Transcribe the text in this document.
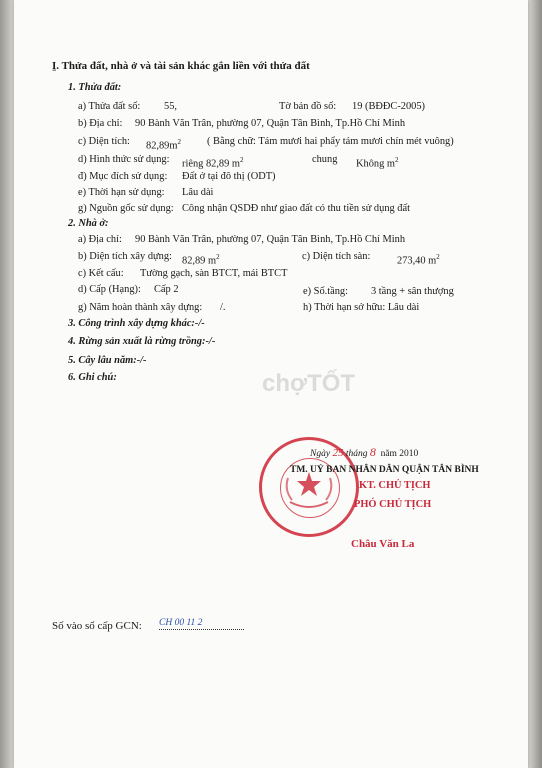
I̱. Thửa đất, nhà ở và tài sản khác gắn liền với thửa đất
1. Thửa đất:
a) Thửa đất số: 55,	Tờ bản đồ số: 19 (BĐĐC-2005)
b) Địa chỉ: 90 Bành Văn Trân, phường 07, Quận Tân Bình, Tp.Hồ Chí Minh
c) Diện tích: $82,89m^2$	( Bằng chữ: Tám mươi hai phẩy tám mươi chín mét vuông)
d) Hình thức sử dụng: riêng 82,89 $m^2$	chung Không $m^2$
đ) Mục đích sử dụng: Đất ở tại đô thị (ODT)
e) Thời hạn sử dụng: Lâu dài
g) Nguồn gốc sử dụng: Công nhận QSDĐ như giao đất có thu tiền sử dụng đất
2. Nhà ở:
a) Địa chỉ: 90 Bành Văn Trân, phường 07, Quận Tân Bình, Tp.Hồ Chí Minh
b) Diện tích xây dựng: 82,89 $m^2$	c) Diện tích sàn:	273,40 $m^2$
c) Kết cấu: Tường gạch, sàn BTCT, mái BTCT
d) Cấp (Hạng): Cấp 2	e) Số.tầng: 3 tầng + sân thượng
g) Năm hoàn thành xây dựng: /.	h) Thời hạn sở hữu: Lâu dài
3. Công trình xây dựng khác:-/-
4. Rừng sản xuất là rừng trồng:-/-
5. Cây lâu năm:-/-
6. Ghi chú:	chợTỐT
Ngày 25 tháng 8 năm 2010
TM. UỶ BAN NHÂN DÂN QUẬN TÂN BÌNH
KT. CHỦ TỊCH
PHÓ CHỦ TỊCH
Châu Văn La
Số vào sổ cấp GCN: CH 00 11 2
